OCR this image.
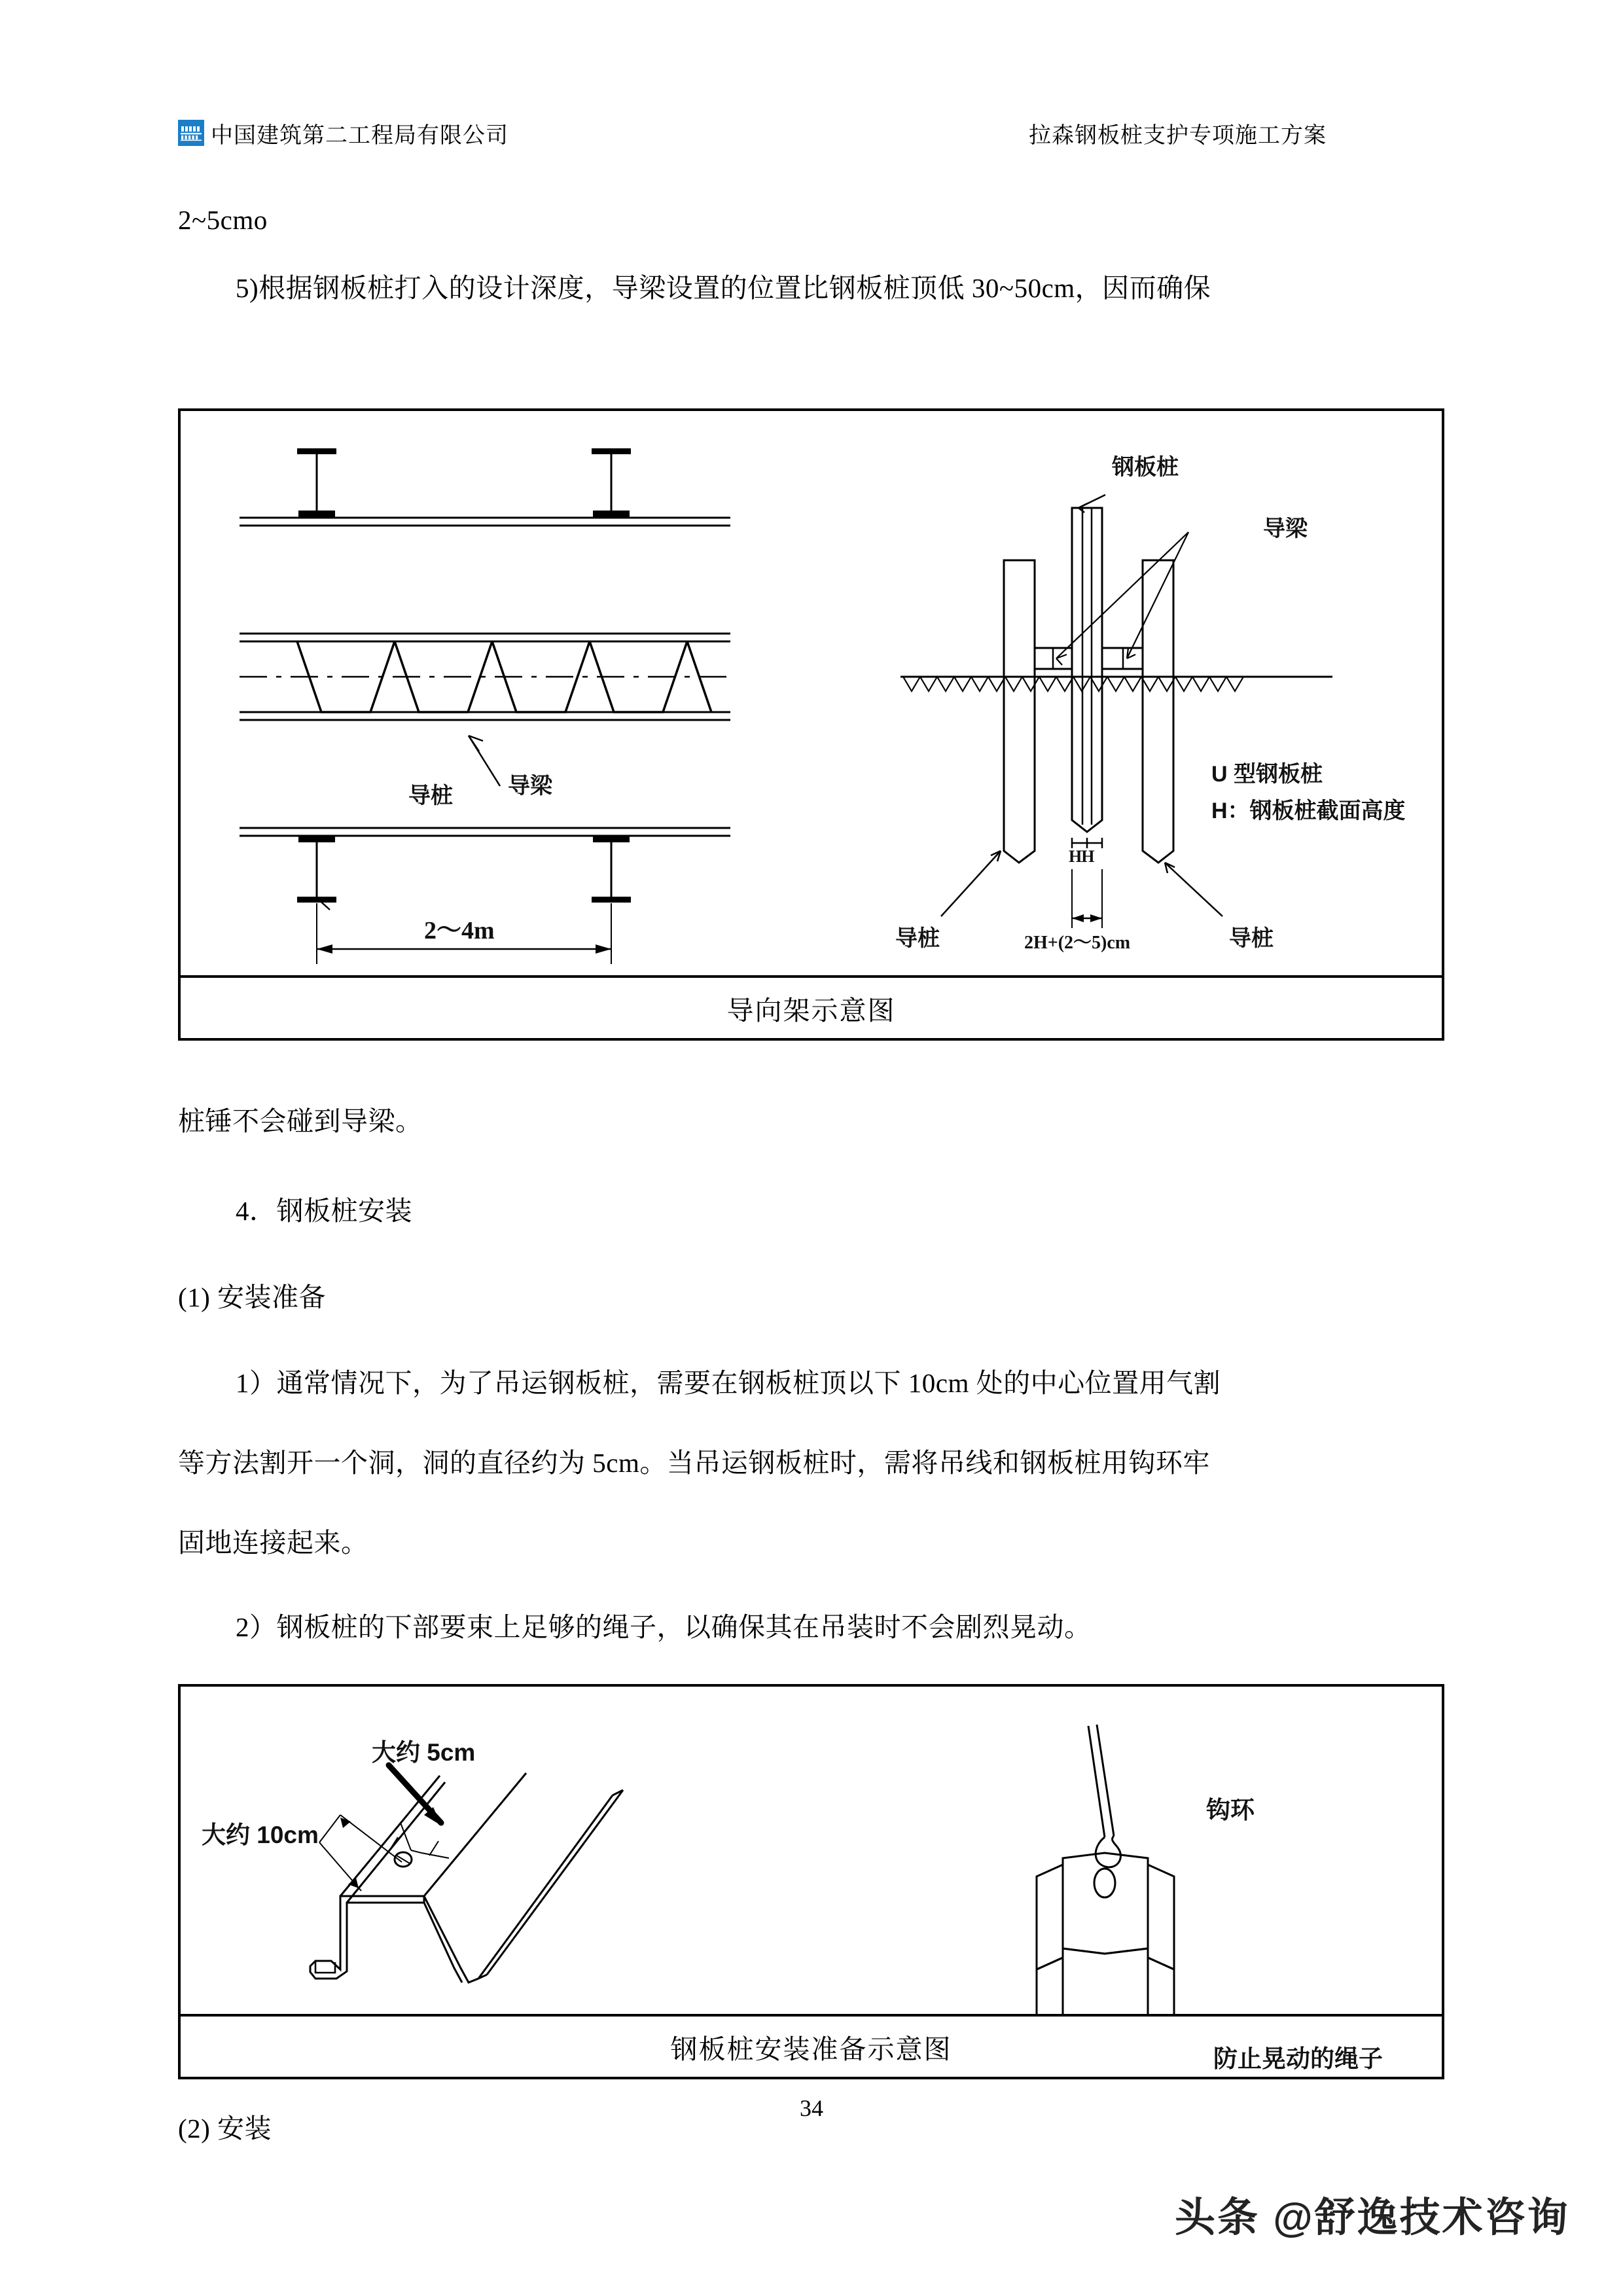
中国建筑第二工程局有限公司	拉森钢板桩支护专项施工方案
2~5cmo
5)根据钢板桩打入的设计深度，导梁设置的位置比钢板桩顶低 30~50cm，因而确保
导桩 导梁
2～4m
钢板桩
导梁
U 型钢板桩
H：钢板桩截面高度
导桩	导桩
HH
2H+(2～5)cm
导向架示意图
桩锤不会碰到导梁。
4．钢板桩安装
(1) 安装准备
1）通常情况下，为了吊运钢板桩，需要在钢板桩顶以下 10cm 处的中心位置用气割
等方法割开一个洞，洞的直径约为 5cm。当吊运钢板桩时，需将吊线和钢板桩用钩环牢
固地连接起来。
2）钢板桩的下部要束上足够的绳子，以确保其在吊装时不会剧烈晃动。
大约 5cm
大约 10cm
钩环
防止晃动的绳子
钢板桩安装准备示意图
(2) 安装
34
头条 @舒逸技术咨询
